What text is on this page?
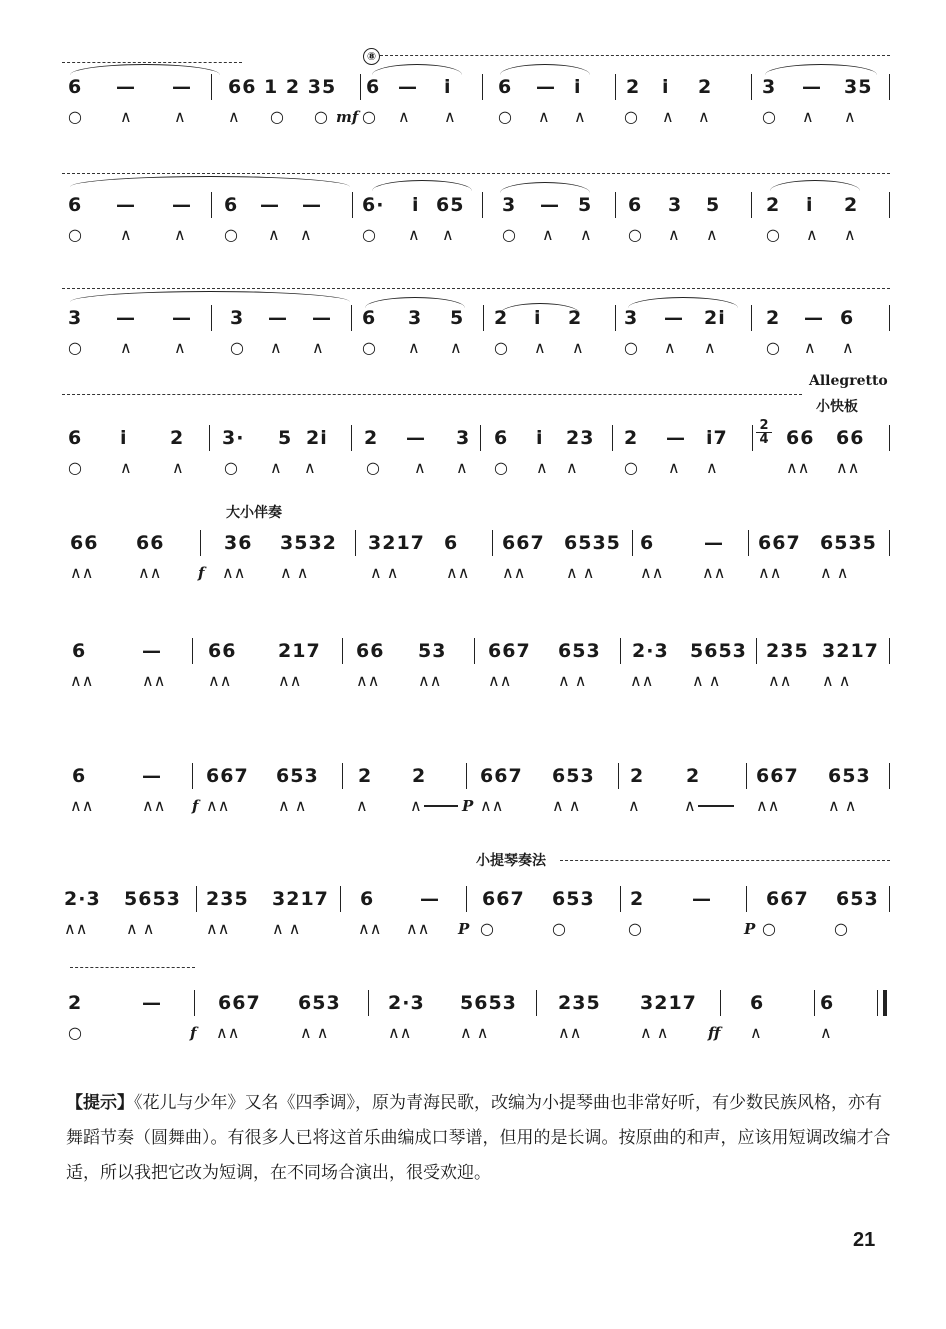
⑧
6 — — 66 1 2 35 6 — i 6 — i 2 i 2	3 — 35
○ ∧	∧	∧ ○ ○ mf ○ ∧ ∧	○ ∧ ∧ ○ ∧ ∧	○ ∧ ∧
6 — — 6 — — 6· i 65 3 — 5 6 3 5 2 i 2
○ ∧	∧ ○ ∧ ∧	○ ∧ ∧	○ ∧ ∧ ○ ∧ ∧	○ ∧ ∧
3 — — 3 — — 6 3 5 2 i 2 3 — 2i 2 — 6
○ ∧	∧	○ ∧ ∧ ○ ∧ ∧ ○ ∧ ∧	○ ∧ ∧	○ ∧ ∧
Allegretto
小快板
6 i 2 3· 5 2i 2 — 3 6 i 23 2 — i7
2
4 66 66
○ ∧	∧	○ ∧ ∧	○ ∧ ∧ ○ ∧ ∧	○ ∧ ∧	∧∧ ∧∧
大小伴奏
66 66	36 3532 3217 6 667 6535 6	— 667 6535
∧∧	∧∧ f ∧∧ ∧ ∧	∧ ∧	∧∧ ∧∧	∧ ∧	∧∧ ∧∧ ∧∧ ∧ ∧
6	— 66 217 66 53 667 653 2·3 5653 235 3217
∧∧	∧∧	∧∧	∧∧	∧∧ ∧∧	∧∧	∧ ∧	∧∧ ∧ ∧	∧∧ ∧ ∧
6	— 667 653 2 2	667 653 2 2	667 653
∧∧	∧∧ f ∧∧	∧ ∧	∧	∧	P ∧∧	∧ ∧	∧	∧	∧∧	∧ ∧
小提琴奏法
2·3 5653 235 3217 6 — 667 653 2	—	667 653
∧∧ ∧ ∧	∧∧	∧ ∧	∧∧ ∧∧ P ○	○	○	P ○	○
2	—	667 653 2·3 5653 235 3217	6	6
○	f ∧∧	∧ ∧	∧∧	∧ ∧	∧∧	∧ ∧	ff ∧	∧
【提示】《花儿与少年》又名《四季调》，原为青海民歌，改编为小提琴曲也非常好听，有少数民族风格，亦有舞蹈节奏（圆舞曲）。有很多人已将这首乐曲编成口琴谱，但用的是长调。按原曲的和声，应该用短调改编才合适，所以我把它改为短调，在不同场合演出，很受欢迎。
21
